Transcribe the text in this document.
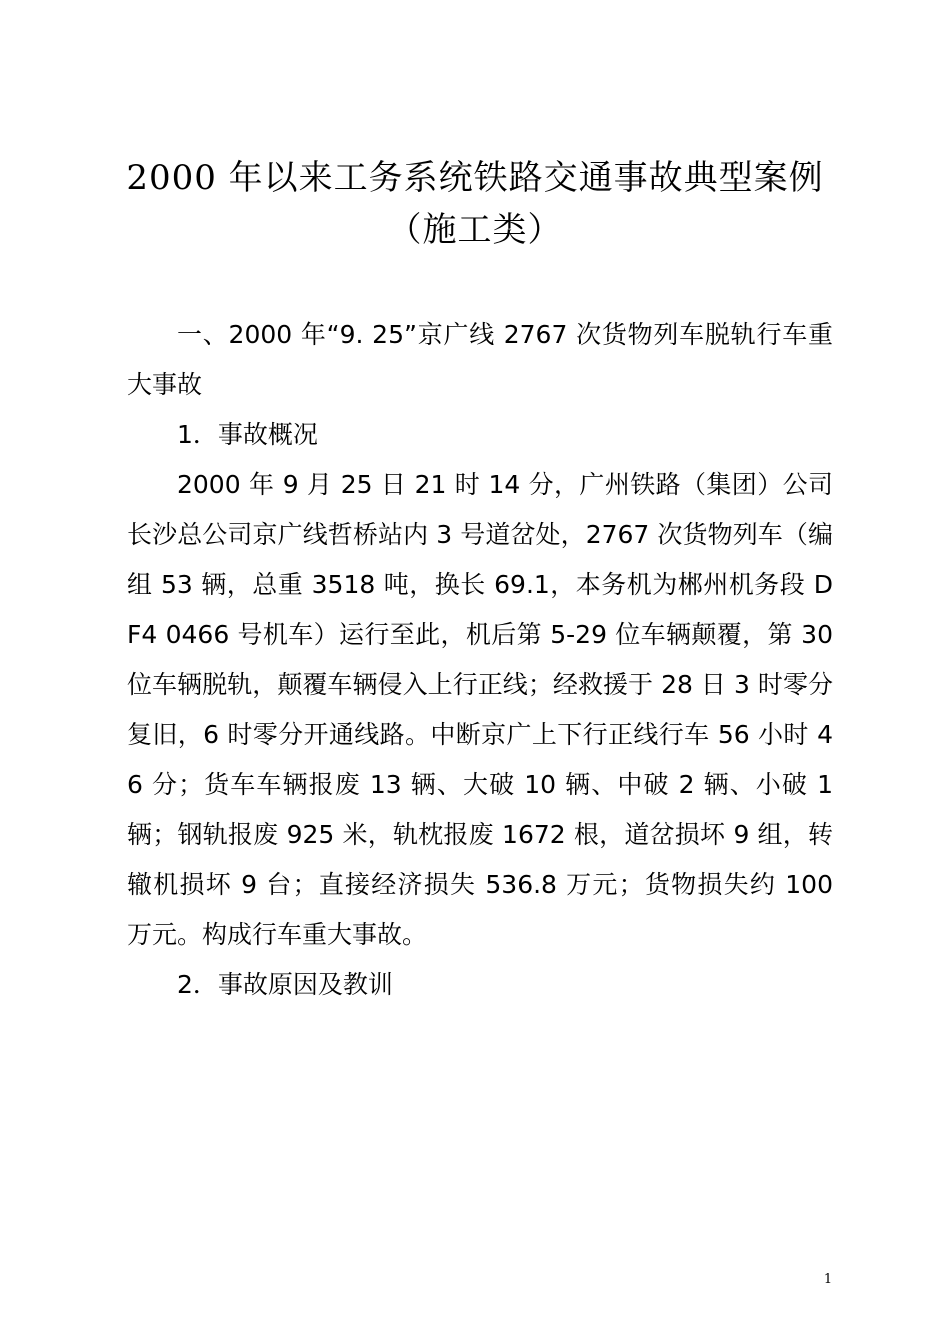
2000 年以来工务系统铁路交通事故典型案例
（施工类）

一、2000 年“9. 25”京广线 2767 次货物列车脱轨行车重大事故

1．事故概况

2000 年 9 月 25 日 21 时 14 分，广州铁路（集团）公司长沙总公司京广线哲桥站内 3 号道岔处，2767 次货物列车（编组 53 辆，总重 3518 吨，换长 69.1，本务机为郴州机务段 DF4 0466 号机车）运行至此，机后第 5-29 位车辆颠覆，第 30 位车辆脱轨，颠覆车辆侵入上行正线；经救援于 28 日 3 时零分复旧，6 时零分开通线路。中断京广上下行正线行车 56 小时 46 分；货车车辆报废 13 辆、大破 10 辆、中破 2 辆、小破 1 辆；钢轨报废 925 米，轨枕报废 1672 根，道岔损坏 9 组，转辙机损坏 9 台；直接经济损失 536.8 万元；货物损失约 100 万元。构成行车重大事故。

2．事故原因及教训

1
